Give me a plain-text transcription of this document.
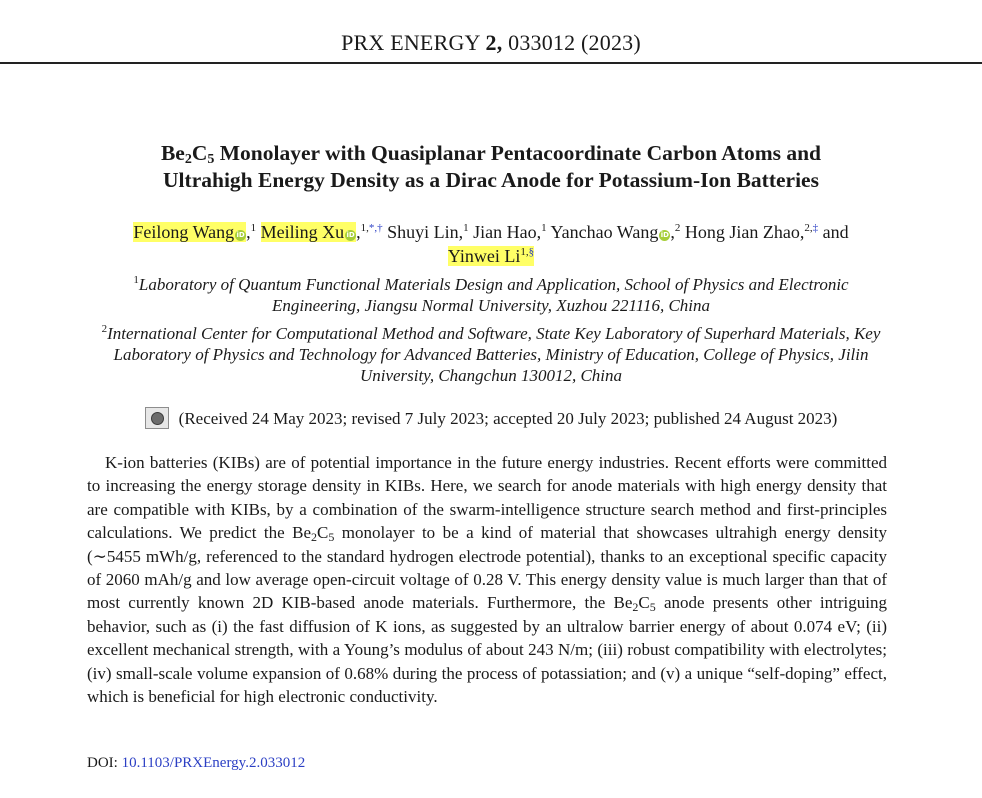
PRX ENERGY 2, 033012 (2023)
$Be_2C_5$ Monolayer with Quasiplanar Pentacoordinate Carbon Atoms and
Ultrahigh Energy Density as a Dirac Anode for Potassium-Ion Batteries
Feilong Wang iD,$^1$ Meiling Xu iD,$^{1,*,\dagger}$ Shuyi Lin,$^1$ Jian Hao,$^1$ Yanchao Wang iD,$^2$ Hong Jian Zhao,$^{2,\ddagger}$ and
Yinwei $Li^{1,\S}$
$^1$Laboratory of Quantum Functional Materials Design and Application, School of Physics and Electronic
Engineering, Jiangsu Normal University, Xuzhou 221116, China
$^2$International Center for Computational Method and Software, State Key Laboratory of Superhard Materials, Key
Laboratory of Physics and Technology for Advanced Batteries, Ministry of Education, College of Physics, Jilin
University, Changchun 130012, China
(Received 24 May 2023; revised 7 July 2023; accepted 20 July 2023; published 24 August 2023)
K-ion batteries (KIBs) are of potential importance in the future energy industries. Recent efforts were committed to increasing the energy storage density in KIBs. Here, we search for anode materials with high energy density that are compatible with KIBs, by a combination of the swarm-intelligence structure search method and first-principles calculations. We predict the $Be_2C_5$ monolayer to be a kind of material that showcases ultrahigh energy density (∼5455 mWh/g, referenced to the standard hydrogen electrode potential), thanks to an exceptional specific capacity of 2060 mAh/g and low average open-circuit voltage of 0.28 V. This energy density value is much larger than that of most currently known 2D KIB-based anode materials. Furthermore, the $Be_2C_5$ anode presents other intriguing behavior, such as (i) the fast diffusion of K ions, as suggested by an ultralow barrier energy of about 0.074 eV; (ii) excellent mechanical strength, with a Young’s modulus of about 243 N/m; (iii) robust compatibility with electrolytes; (iv) small-scale volume expansion of 0.68% during the process of potassiation; and (v) a unique “self-doping” effect, which is beneficial for high electronic conductivity.
DOI: 10.1103/PRXEnergy.2.033012
